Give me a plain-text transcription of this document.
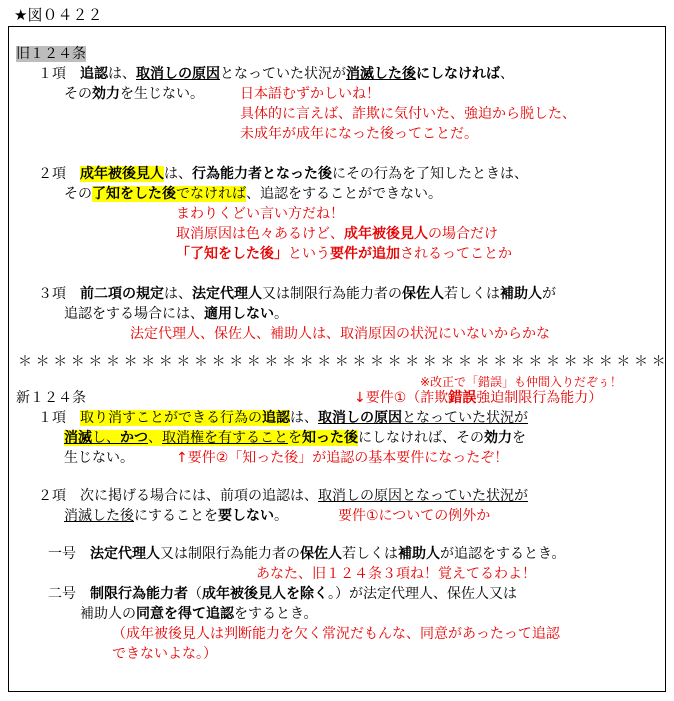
★図０４２２
旧１２４条
１項　 追認は、取消しの原因となっていた状況が消滅した後にしなければ、
その効力を生じない。	日本語むずかしいね！
具体的に言えば、詐欺に気付いた、強迫から脱した、
未成年が成年になった後ってことだ。
２項　 成年被後見人は、行為能力者となった後にその行為を了知したときは、
その了知をした後でなければ、追認をすることができない。
まわりくどい言い方だね！
取消原因は色々あるけど、成年被後見人の場合だけ
「了知をした後」という要件が追加されるってことか
３項　 前二項の規定は、法定代理人又は制限行為能力者の保佐人若しくは補助人が
追認をする場合には、適用しない。
法定代理人、保佐人、補助人は、取消原因の状況にいないからかな
＊＊＊＊＊＊＊＊＊＊＊＊＊＊＊＊＊＊＊＊＊＊＊＊＊＊＊＊＊＊＊＊＊＊＊＊＊
※改正で「錯誤」も仲間入りだぞぅ！
新１２４条	↓要件①（詐欺錯誤強迫制限行為能力）
１項　 取り消すことができる行為の追認は、取消しの原因となっていた状況が
消滅し、かつ、取消権を有することを知った後にしなければ、その効力を
生じない。	↑要件②「知った後」が追認の基本要件になったぞ！
２項　 次に掲げる場合には、前項の追認は、取消しの原因となっていた状況が
消滅した後にすることを要しない。	要件①についての例外か
一号　 法定代理人又は制限行為能力者の保佐人若しくは補助人が追認をするとき。
あなた、旧１２４条３項ね！覚えてるわよ！
二号　 制限行為能力者（成年被後見人を除く。）が法定代理人、保佐人又は
補助人の同意を得て追認をするとき。
（成年被後見人は判断能力を欠く常況だもんな、同意があったって追認
できないよな。）
